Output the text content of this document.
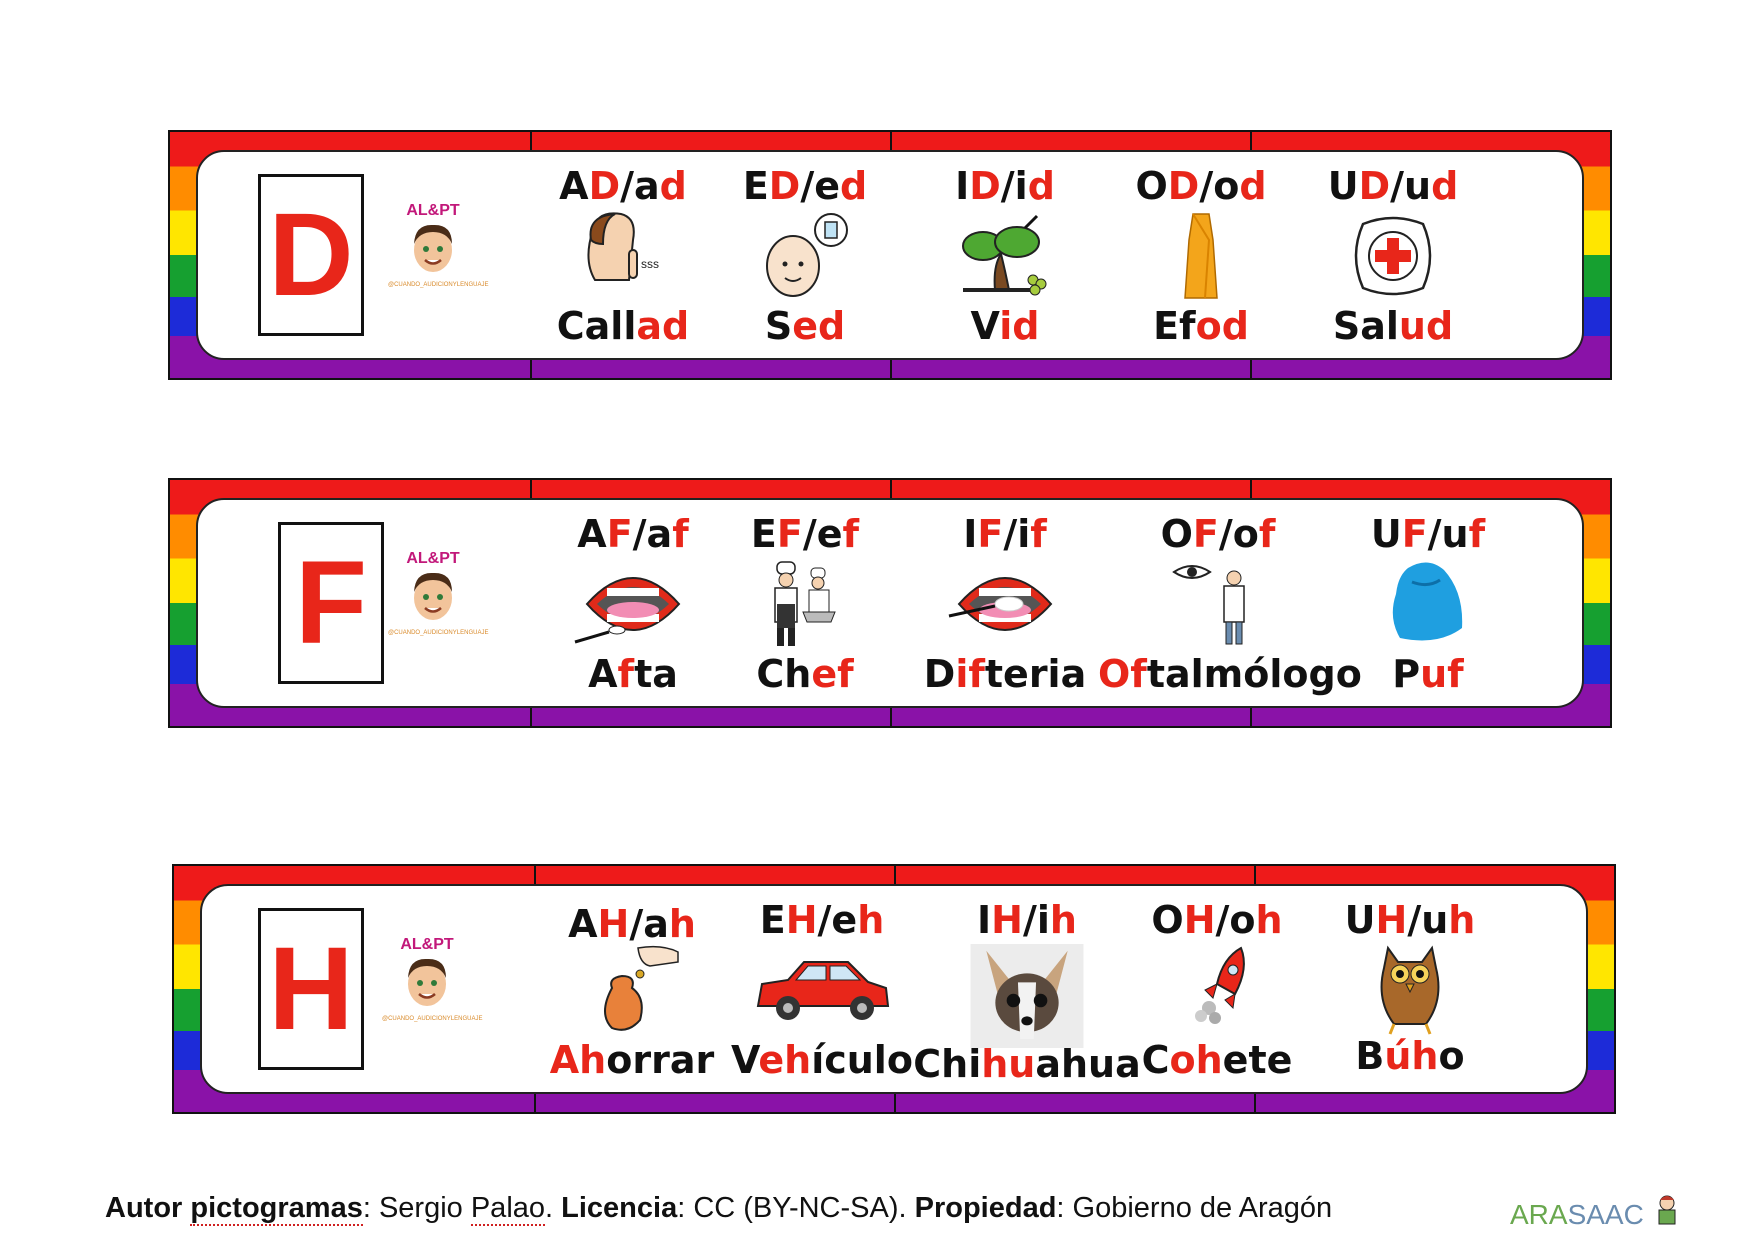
D	AL&PT
@CUANDO_AUDICIONYLENGUAJE
AD/ad
sss
Callad
ED/ed
Sed
ID/id
Vid
OD/od
Efod
UD/ud
Salud
F	AL&PT
@CUANDO_AUDICIONYLENGUAJE
AF/af
Afta
EF/ef
Chef
IF/if
Difteria
OF/of
Oftalmólogo
UF/uf
Puf
H	AL&PT
@CUANDO_AUDICIONYLENGUAJE
AH/ah
Ahorrar
EH/eh
Vehículo
IH/ih
Chihuahua
OH/oh
Cohete
UH/uh
Búho
Autor pictogramas: Sergio Palao. Licencia: CC (BY-NC-SA). Propiedad: Gobierno de Aragón	ARASAAC
